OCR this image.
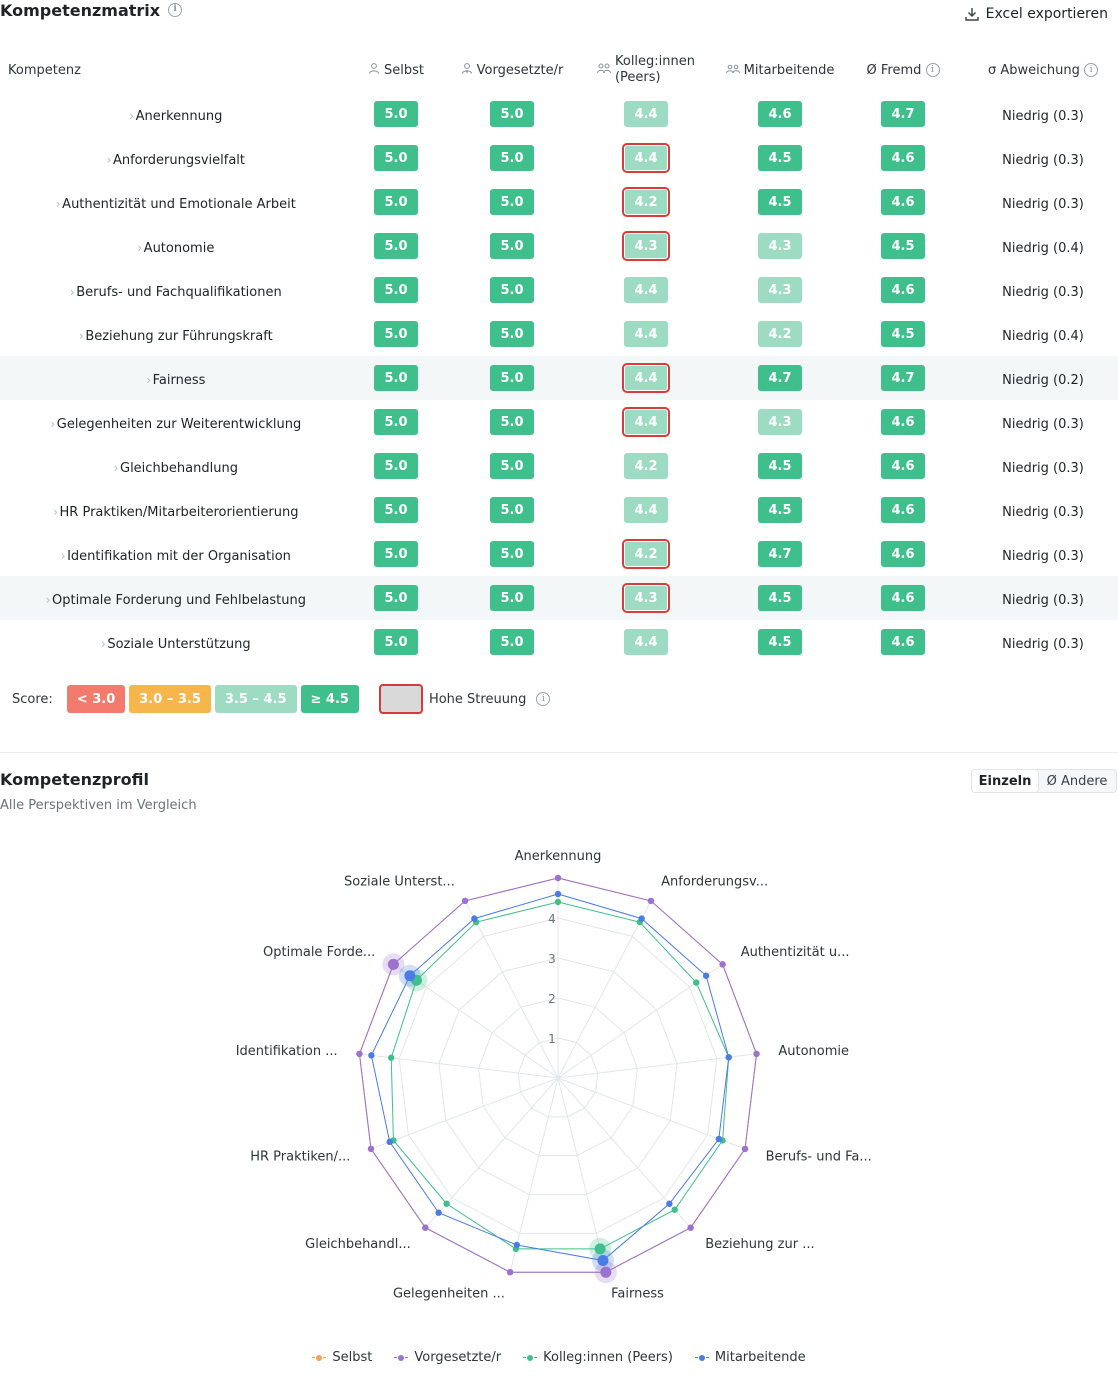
Kompetenzmatrix i	Excel exportieren
Kompetenz	Selbst	Vorgesetzte/r	Kolleg:innen
(Peers)	Mitarbeitende	Ø Fremd i	σ Abweichung i
› Anerkennung	5.0	5.0	4.4	4.6	4.7	Niedrig (0.3)
› Anforderungsvielfalt	5.0	5.0	4.4	4.5	4.6	Niedrig (0.3)
› Authentizität und Emotionale Arbeit	5.0	5.0	4.2	4.5	4.6	Niedrig (0.3)
› Autonomie	5.0	5.0	4.3	4.3	4.5	Niedrig (0.4)
› Berufs- und Fachqualifikationen	5.0	5.0	4.4	4.3	4.6	Niedrig (0.3)
› Beziehung zur Führungskraft	5.0	5.0	4.4	4.2	4.5	Niedrig (0.4)
› Fairness	5.0	5.0	4.4	4.7	4.7	Niedrig (0.2)
› Gelegenheiten zur Weiterentwicklung	5.0	5.0	4.4	4.3	4.6	Niedrig (0.3)
› Gleichbehandlung	5.0	5.0	4.2	4.5	4.6	Niedrig (0.3)
› HR Praktiken/Mitarbeiterorientierung	5.0	5.0	4.4	4.5	4.6	Niedrig (0.3)
› Identifikation mit der Organisation	5.0	5.0	4.2	4.7	4.6	Niedrig (0.3)
› Optimale Forderung und Fehlbelastung	5.0	5.0	4.3	4.5	4.6	Niedrig (0.3)
› Soziale Unterstützung	5.0	5.0	4.4	4.5	4.6	Niedrig (0.3)
Score:	< 3.0	3.0 – 3.5	3.5 – 4.5	≥ 4.5	Hohe Streuung	i
Kompetenzprofil
Alle Perspektiven im Vergleich
Einzeln	Ø Andere
1
2
3
4
Anerkennung
Anforderungsv...
Authentizität u...
Autonomie
Berufs- und Fa...
Beziehung zur ...
Fairness
Gelegenheiten ...
Gleichbehandl...
HR Praktiken/...
Identifikation ...
Optimale Forde...
Soziale Unterst...
Selbst	Vorgesetzte/r	Kolleg:innen (Peers)	Mitarbeitende
